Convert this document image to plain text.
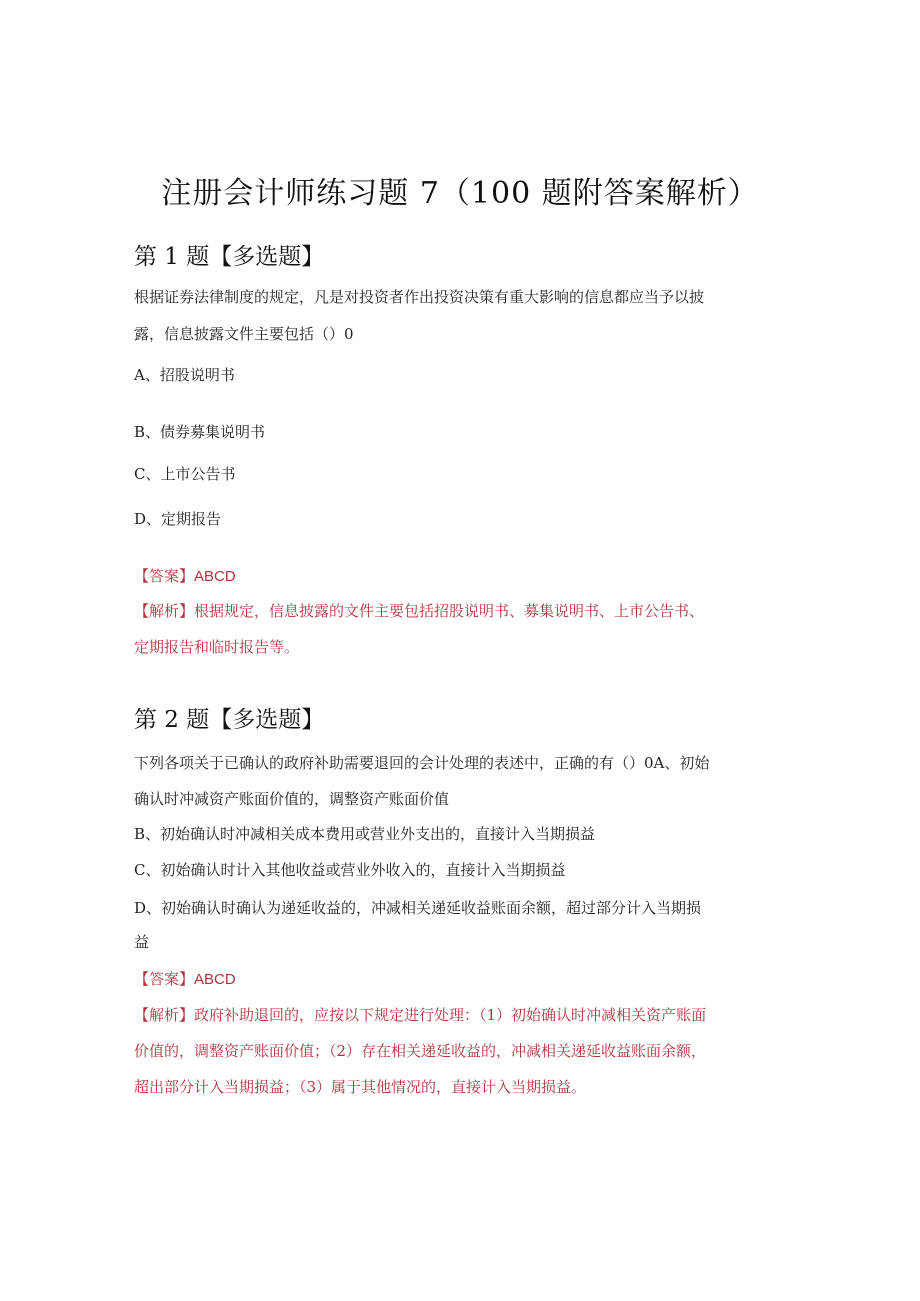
注册会计师练习题 7（100 题附答案解析）
第 1 题【多选题】
根据证券法律制度的规定，凡是对投资者作出投资决策有重大影响的信息都应当予以披
露，信息披露文件主要包括（）0
A、招股说明书
B、债券募集说明书
C、上市公告书
D、定期报告
【答案】ABCD
【解析】根据规定，信息披露的文件主要包括招股说明书、募集说明书、上市公告书、
定期报告和临时报告等。
第 2 题【多选题】
下列各项关于已确认的政府补助需要退回的会计处理的表述中，正确的有（）0A、初始
确认时冲减资产账面价值的，调整资产账面价值
B、初始确认时冲减相关成本费用或营业外支出的，直接计入当期损益
C、初始确认时计入其他收益或营业外收入的，直接计入当期损益
D、初始确认时确认为递延收益的，冲减相关递延收益账面余额，超过部分计入当期损
益
【答案】ABCD
【解析】政府补助退回的，应按以下规定进行处理：（1）初始确认时冲减相关资产账面
价值的，调整资产账面价值；（2）存在相关递延收益的，冲减相关递延收益账面余额，
超出部分计入当期损益；（3）属于其他情况的，直接计入当期损益。
